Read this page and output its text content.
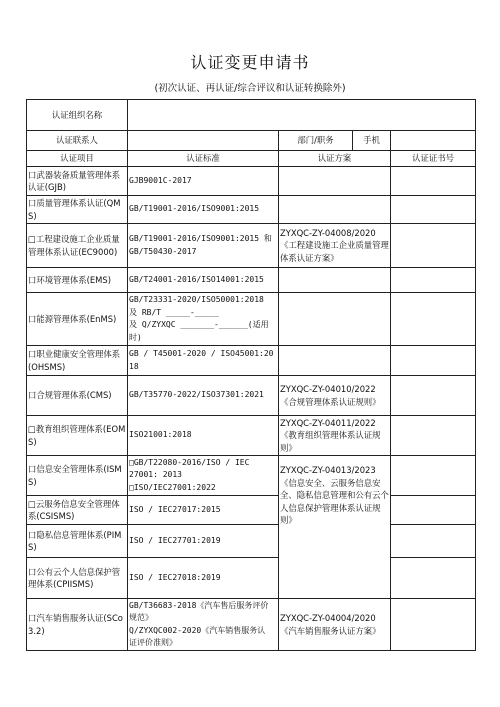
认证变更申请书
(初次认证、再认证/综合评议和认证转换除外)
认证组织名称				
认证联系人		部门/职务	手机	
认证项目	认证标准	认证方案		认证证书号
口武器装备质量管理体系认证(GJB)	GJB9001C-2017			
口质量管理体系认证(QMS)	GB/T19001-2016/ISO9001:2015			
□工程建设施工企业质量管理体系认证(EC9000)	GB/T19001-2016/ISO9001:2015 和 GB/T50430-2017	ZYXQC-ZY-04008/2020《工程建设施工企业质量管理体系认证方案》		
口环境管理体系(EMS)	GB/T24001-2016/ISO14001:2015			
口能源管理体系(EnMS)	GB/T23331-2020/ISO50001:2018
及 RB/T _____-_____
及 Q/ZYXQC _______-______(适用
时)			

口职业健康安全管理体系(OHSMS)	GB / T45001-2020 / ISO45001:2018			
口合规管理体系(CMS)	GB/T35770-2022/ISO37301:2021	ZYXQC-ZY-04010/2022
《合规管理体系认证规则》		

□教育组织管理体系(EOMS)	ISO21001:2018	ZYXQC-ZY-04011/2022
《教育组织管理体系认证规则》		

口信息安全管理体系(ISMS)	□GB/T22080-2016/ISO / IEC
27001: 2013
□ISO/IEC27001:2022	ZYXQC-ZY-04013/2023《信息安全、云服务信息安全、隐私信息管理和公有云个人信息保护管理体系认证规则》		
□云服务信息安全管理体系(CSISMS)	ISO / IEC27017:2015			
口隐私信息管理体系(PIMS)	ISO / IEC27701:2019			
口公有云个人信息保护管理体系(CPIISMS)	ISO / IEC27018:2019			
口汽车销售服务认证(SCo3.2)	GB/T36683-2018《汽车售后服务评价
规范》
Q/ZYXQC002-2020《汽车销售服务认
证评价准则》	ZYXQC-ZY-04004/2020《汽车销售服务认证方案》		
